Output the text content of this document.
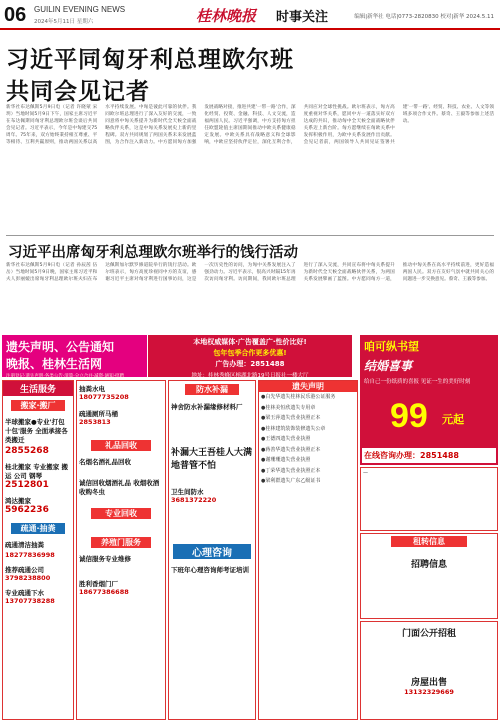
06 GUILIN EVENING NEWS
2024年5月11日 星期六	桂林晚报 时事关注	编辑|新华社 电话|0773-2820830 校对|新华 2024.5.11
习近平同匈牙利总理欧尔班
共同会见记者
新华社布达佩斯5月9日电（记者 许晓蒙 宋玥）当地时间5月9日下午，国家主席习近平在布达佩斯同匈牙利总理欧尔班会谈后共同会见记者。习近平表示，今年是中匈建交75周年。75年来，双方始终秉持相互尊重、平等相待、互利共赢原则，推动两国关系以高水平持续发展。中匈是彼此可靠的伙伴。我同欧尔班总理进行了深入友好的交流，一致同意将中匈关系提升为新时代全天候全面战略伙伴关系，这是中匈关系发展史上新的里程碑。双方共同规划了两国关系未来发展蓝图，为合作注入新动力。中方愿同匈方加强发展战略对接，推进共建'一带一路'合作，深化经贸、投资、金融、科技、人文交流，造福两国人民。习近平强调，中方支持匈方担任欧盟轮值主席国期间推动中欧关系健康稳定发展。中欧关系具有战略意义和全球影响，中欧应坚持伙伴定位，深化互利合作，共同应对全球性挑战。欧尔班表示，匈方高度重视对华关系，愿同中方一道落实好双方达成的共识，推动匈中全天候全面战略伙伴关系迈上新台阶。匈方愿继续在匈欧关系中发挥积极作用，为欧中关系发展作出贡献。会见记者前，两国领导人共同见证签署共建'一带一路'、经贸、科技、农业、人文等领域多项合作文件。蔡奇、王毅等参加上述活动。
习近平出席匈牙利总理欧尔班举行的饯行活动
新华社布达佩斯5月9日电（记者 孙辰茜 伍岳）当地时间5月9日晚，国家主席习近平和夫人彭丽媛出席匈牙利总理欧尔班夫妇在布达佩斯加尔默罗修道院举行的饯行活动。欧尔班表示，匈方高度珍视同中方的友谊，感谢习近平主席对匈牙利进行国事访问，这是一次历史性的访问，为匈中关系发展注入了强劲动力。习近平表示，很高兴时隔15年再次访问匈牙利。访问期间，我同欧尔班总理进行了深入交流，共同宣布将中匈关系提升为新时代全天候全面战略伙伴关系，为两国关系发展擘画了蓝图。中方愿同匈方一道，推动中匈关系在高水平持续前进，更好造福两国人民。双方在友好气氛中就共同关心的问题进一步交换意见。蔡奇、王毅等参加。
遗失声明、公告通知
晚报、桂林生活网
注册登记·遗失声明·各类公告·清算·分立合并·减资·通知·招聘
本地权威媒体·广告覆盖广·性价比好!
包年包季合作更多优惠!
广告办理：2851488
地址：桂林秀峰区榕湖北路19号日报社一楼大厅
生活服务
搬家·搬厂
半球搬家●专业'打包十包'服务 全面承接各类搬迁
2855268
桂北搬家 专业搬家 搬运 公司 钢琴
2512801
鸿达搬家
5962236
疏通·抽粪
疏通清洁抽粪
18277836998
推荐疏通公司
3798238800
专业疏通下水
13707738288
抽粪水电
18077735208
疏通厕所马桶
2853813
礼品回收
名烟名酒礼品回收
诚信回收烟酒礼品 收烟收酒收购冬虫
专业回收
养殖门服务
诚信服务专业维修
胜利香烟门厂
18677386688
防水补漏
神舍防水补漏缘修材料厂
补漏大王吾桂人大满地普管不怕
卫生间防水
3681372220
心理咨询
下班年心理咨询师考证培训
遗失声明
●白先华遗失桂林民乐港公证服务
●桂林美恒欣遗失专用章
●梁玉萍遗失营业执照正本
●桂林建筑装饰装修遗失公章
●王德四遗失营业执照
●蒋善华遗失营业执照正本
●谢珊珊遗失营业执照
●丁荣华遗失营业执照正本
●梁利群遗失广东乙级证书
咱可纵书望
结婚喜事
给自己一份纸质的喜报 见证一生的美好时刻
99 元起
在线咨询办理：2851488
—
租转信息
招聘信息
门面公开招租
房屋出售
13132329669
